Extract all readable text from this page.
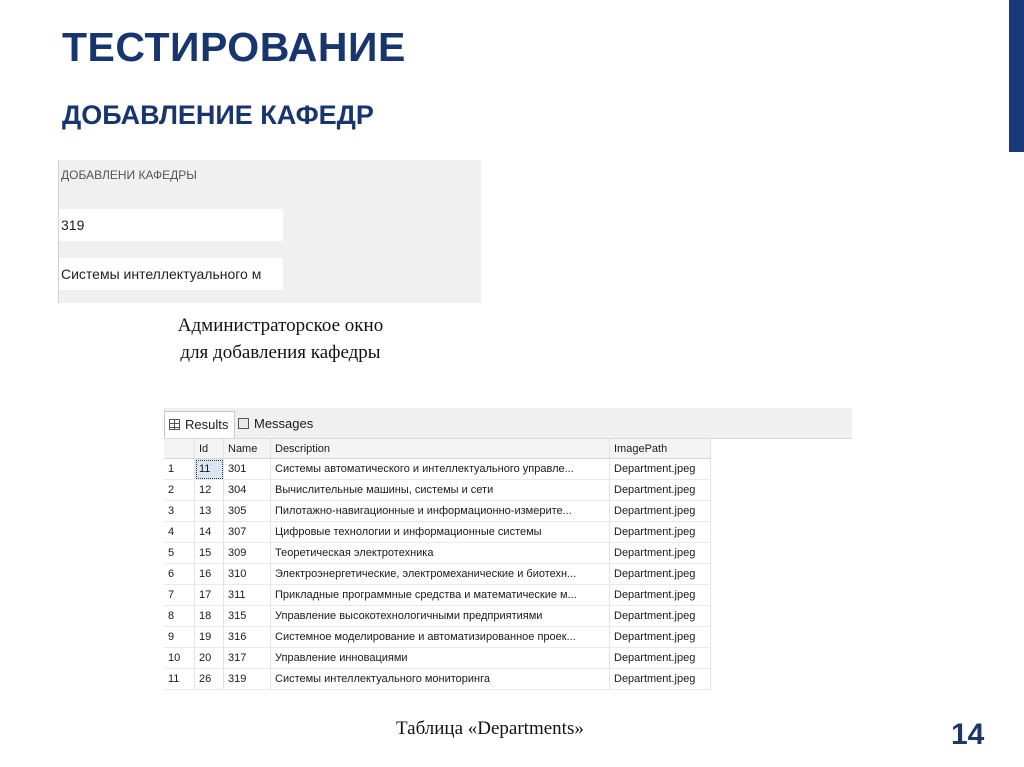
ТЕСТИРОВАНИЕ
ДОБАВЛЕНИЕ КАФЕДР
ДОБАВЛЕНИ КАФЕДРЫ
319
Системы интеллектуального м
Администраторское окно
для добавления кафедры
Results	Messages
	Id	Name	Description	ImagePath
1	11	301	Системы автоматического и интеллектуального управле...	Department.jpeg
2	12	304	Вычислительные машины, системы и сети	Department.jpeg
3	13	305	Пилотажно-навигационные и информационно-измерите...	Department.jpeg
4	14	307	Цифровые технологии и информационные системы	Department.jpeg
5	15	309	Теоретическая электротехника	Department.jpeg
6	16	310	Электроэнергетические, электромеханические и биотехн...	Department.jpeg
7	17	311	Прикладные программные средства и математические м...	Department.jpeg
8	18	315	Управление высокотехнологичными предприятиями	Department.jpeg
9	19	316	Системное моделирование и автоматизированное проек...	Department.jpeg
10	20	317	Управление инновациями	Department.jpeg
11	26	319	Системы интеллектуального мониторинга	Department.jpeg
Таблица «Departments»	14
